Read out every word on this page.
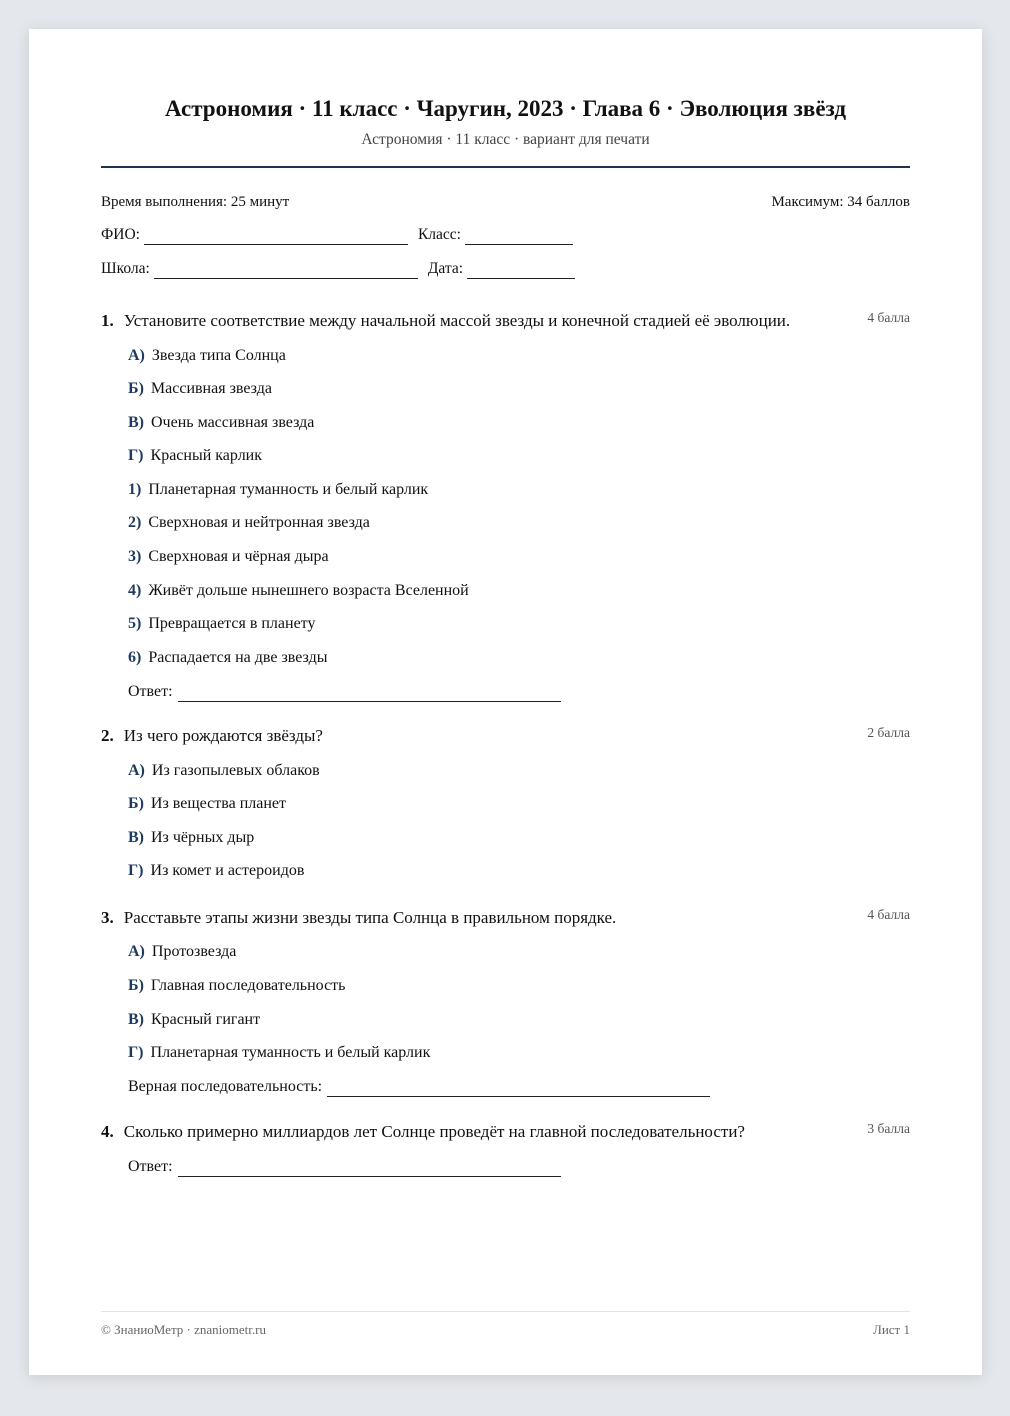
Астрономия · 11 класс · Чаругин, 2023 · Глава 6 · Эволюция звёзд
Астрономия · 11 класс · вариант для печати
Время выполнения: 25 минут	Максимум: 34 баллов
ФИО:	Класс:
Школа:	Дата:
1. Установите соответствие между начальной массой звезды и конечной стадией её эволюции.	4 балла
А) Звезда типа Солнца
Б) Массивная звезда
В) Очень массивная звезда
Г) Красный карлик
1) Планетарная туманность и белый карлик
2) Сверхновая и нейтронная звезда
3) Сверхновая и чёрная дыра
4) Живёт дольше нынешнего возраста Вселенной
5) Превращается в планету
6) Распадается на две звезды
Ответ:
2. Из чего рождаются звёзды?	2 балла
А) Из газопылевых облаков
Б) Из вещества планет
В) Из чёрных дыр
Г) Из комет и астероидов
3. Расставьте этапы жизни звезды типа Солнца в правильном порядке.	4 балла
А) Протозвезда
Б) Главная последовательность
В) Красный гигант
Г) Планетарная туманность и белый карлик
Верная последовательность:
4. Сколько примерно миллиардов лет Солнце проведёт на главной последовательности?	3 балла
Ответ:
© ЗнаниоМетр · znaniometr.ru	Лист 1
